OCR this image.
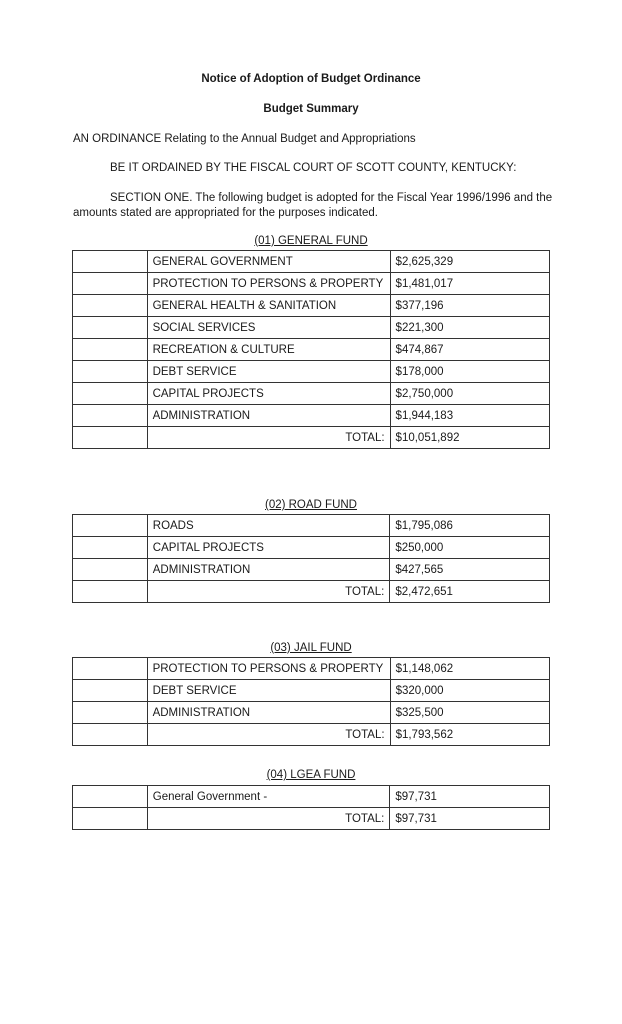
Notice of Adoption of Budget Ordinance
Budget Summary
AN ORDINANCE Relating to the Annual Budget and Appropriations
BE IT ORDAINED BY THE FISCAL COURT OF SCOTT COUNTY, KENTUCKY:
SECTION ONE. The following budget is adopted for the Fiscal Year 1996/1996 and the amounts stated are appropriated for the purposes indicated.
(01) GENERAL FUND
	GENERAL GOVERNMENT	$2,625,329
	PROTECTION TO PERSONS & PROPERTY	$1,481,017
	GENERAL HEALTH & SANITATION	$377,196
	SOCIAL SERVICES	$221,300
	RECREATION & CULTURE	$474,867
	DEBT SERVICE	$178,000
	CAPITAL PROJECTS	$2,750,000
	ADMINISTRATION	$1,944,183
	TOTAL:	$10,051,892
(02) ROAD FUND
	ROADS	$1,795,086
	CAPITAL PROJECTS	$250,000
	ADMINISTRATION	$427,565
	TOTAL:	$2,472,651
(03) JAIL FUND
	PROTECTION TO PERSONS & PROPERTY	$1,148,062
	DEBT SERVICE	$320,000
	ADMINISTRATION	$325,500
	TOTAL:	$1,793,562
(04) LGEA FUND
	General Government -	$97,731
	TOTAL:	$97,731
